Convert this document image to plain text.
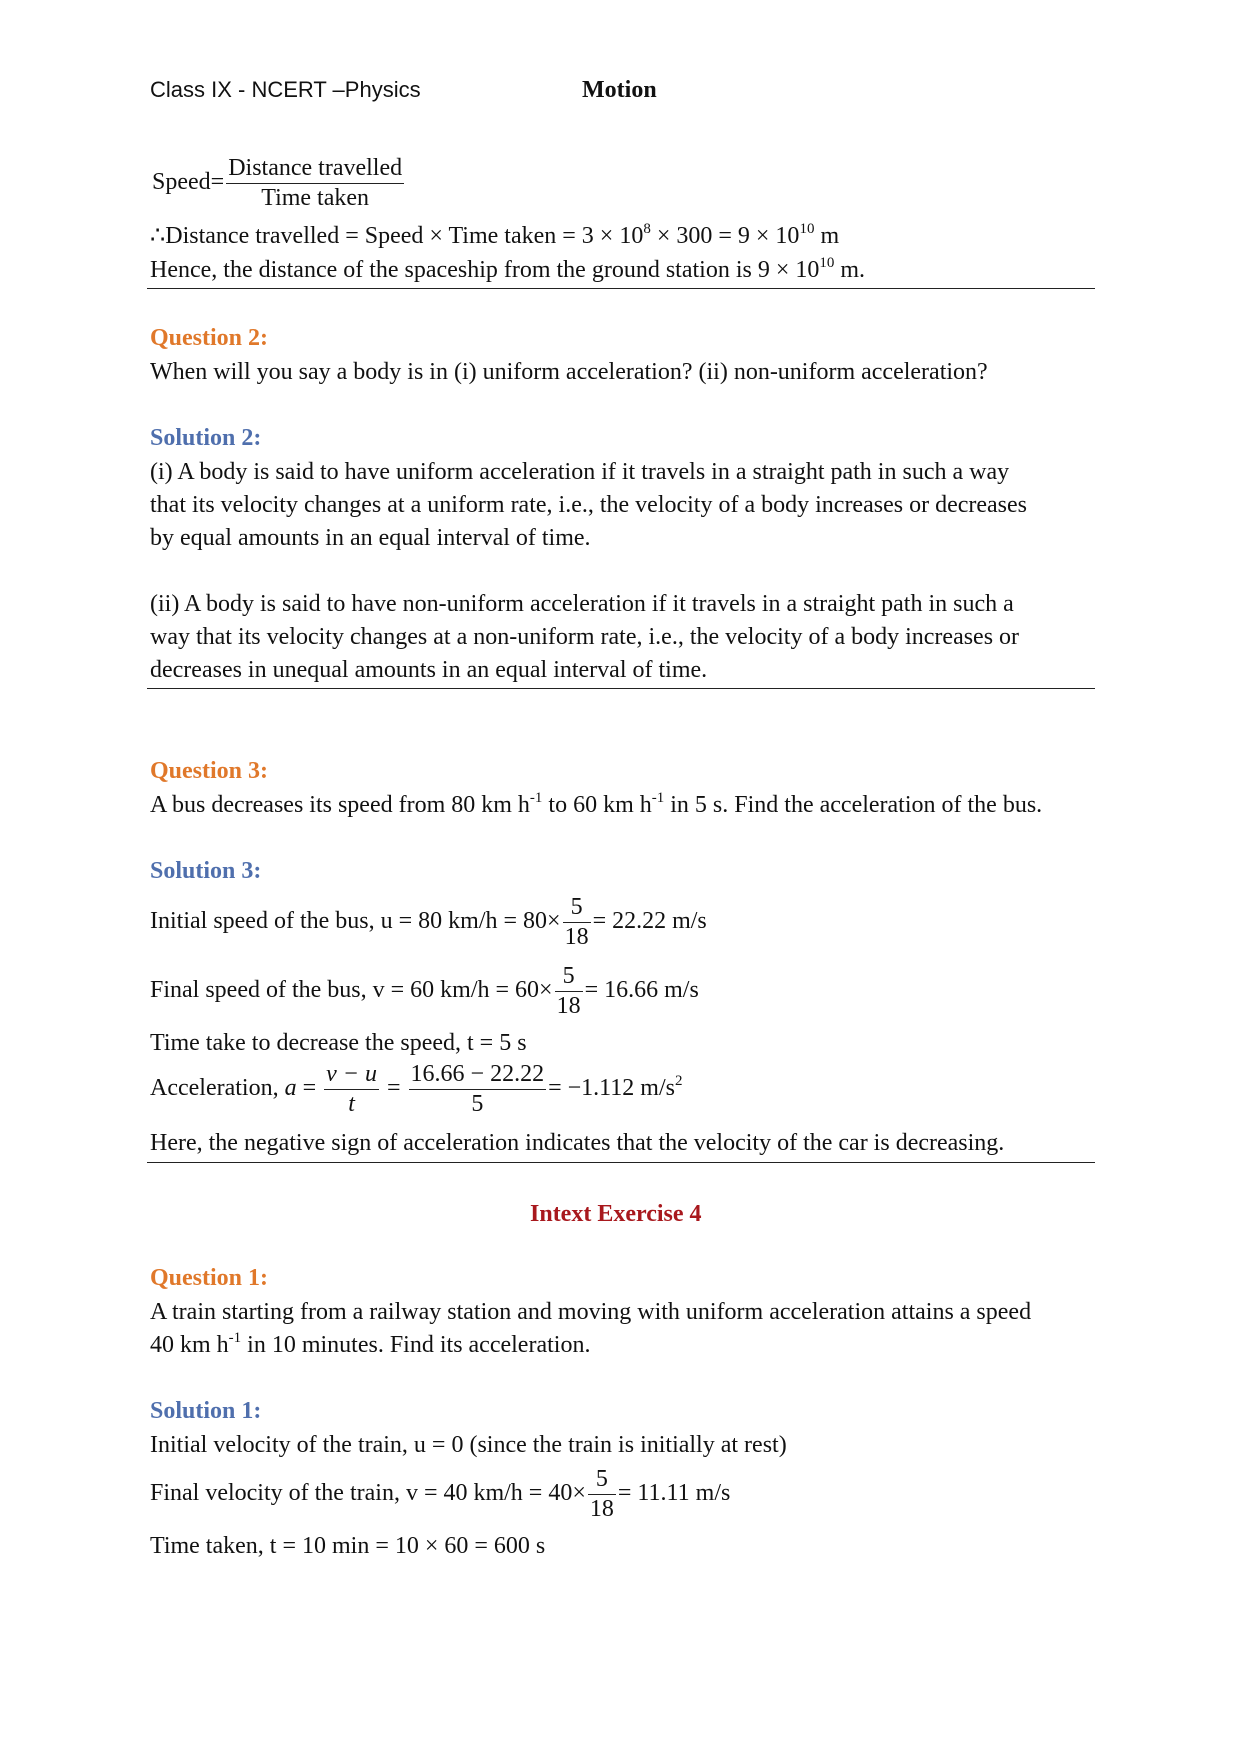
Class IX - NCERT –Physics	Motion
Speed= $\frac{\text{Distance travelled}}{\text{Time taken}}$
∴Distance travelled = Speed × Time taken = $3 \times 10^8 \times 300 = 9 \times 10^{10}$ m
Hence, the distance of the spaceship from the ground station is $9 \times 10^{10}$ m.
Question 2:
When will you say a body is in (i) uniform acceleration? (ii) non-uniform acceleration?
Solution 2:
(i) A body is said to have uniform acceleration if it travels in a straight path in such a way
that its velocity changes at a uniform rate, i.e., the velocity of a body increases or decreases
by equal amounts in an equal interval of time.
(ii) A body is said to have non-uniform acceleration if it travels in a straight path in such a
way that its velocity changes at a non-uniform rate, i.e., the velocity of a body increases or
decreases in unequal amounts in an equal interval of time.
Question 3:
A bus decreases its speed from 80 km $h^{-1}$ to 60 km $h^{-1}$ in 5 s. Find the acceleration of the bus.
Solution 3:
Initial speed of the bus, u = 80 $km/h = 80\times \frac{5}{18} = 22.22$ m/s
Final speed of the bus, v = 60 $km/h = 60\times \frac{5}{18} = 16.66$ m/s
Time take to decrease the speed, t = 5 s
Acceleration, $a = \frac{v - u}{t} = \frac{16.66 - 22.22}{5} = -1.112$ $m/s^2$
Here, the negative sign of acceleration indicates that the velocity of the car is decreasing.
Intext Exercise 4
Question 1:
A train starting from a railway station and moving with uniform acceleration attains a speed
40 km $h^{-1}$ in 10 minutes. Find its acceleration.
Solution 1:
Initial velocity of the train, u = 0 (since the train is initially at rest)
Final velocity of the train, v = 40 $km/h = 40\times \frac{5}{18} = 11.11$ m/s
Time taken, t = 10 min = 10 × 60 = 600 s
